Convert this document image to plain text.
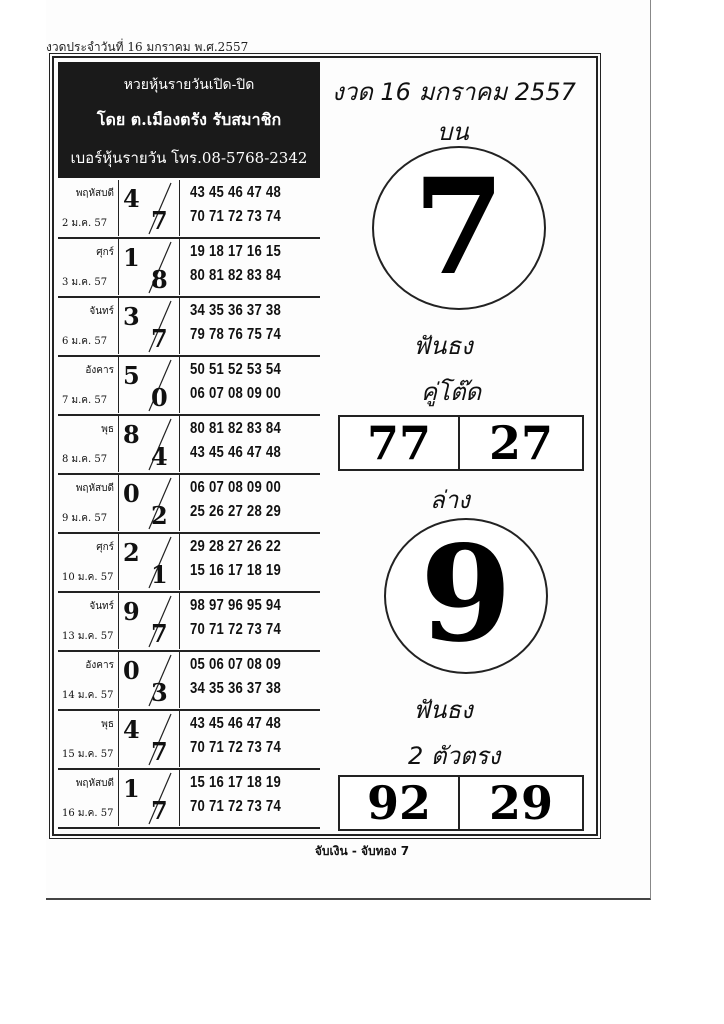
งวดประจำวันที่ 16 มกราคม พ.ศ.2557
หวยหุ้นรายวันเปิด-ปิด
โดย ต.เมืองตรัง รับสมาชิก
เบอร์หุ้นรายวัน โทร.08-5768-2342
พฤหัสบดี
2 ม.ค. 57
4
7
43 45 46 47 48
70 71 72 73 74
ศุกร์
3 ม.ค. 57
1
8
19 18 17 16 15
80 81 82 83 84
จันทร์
6 ม.ค. 57
3
7
34 35 36 37 38
79 78 76 75 74
อังคาร
7 ม.ค. 57
5
0
50 51 52 53 54
06 07 08 09 00
พุธ
8 ม.ค. 57
8
4
80 81 82 83 84
43 45 46 47 48
พฤหัสบดี
9 ม.ค. 57
0
2
06 07 08 09 00
25 26 27 28 29
ศุกร์
10 ม.ค. 57
2
1
29 28 27 26 22
15 16 17 18 19
จันทร์
13 ม.ค. 57
9
7
98 97 96 95 94
70 71 72 73 74
อังคาร
14 ม.ค. 57
0
3
05 06 07 08 09
34 35 36 37 38
พุธ
15 ม.ค. 57
4
7
43 45 46 47 48
70 71 72 73 74
พฤหัสบดี
16 ม.ค. 57
1
7
15 16 17 18 19
70 71 72 73 74
งวด 16 มกราคม 2557
บน
7
ฟันธง
คู่โต๊ด
77	27
ล่าง
9
ฟันธง
2 ตัวตรง
92	29
จับเงิน - จับทอง 7
